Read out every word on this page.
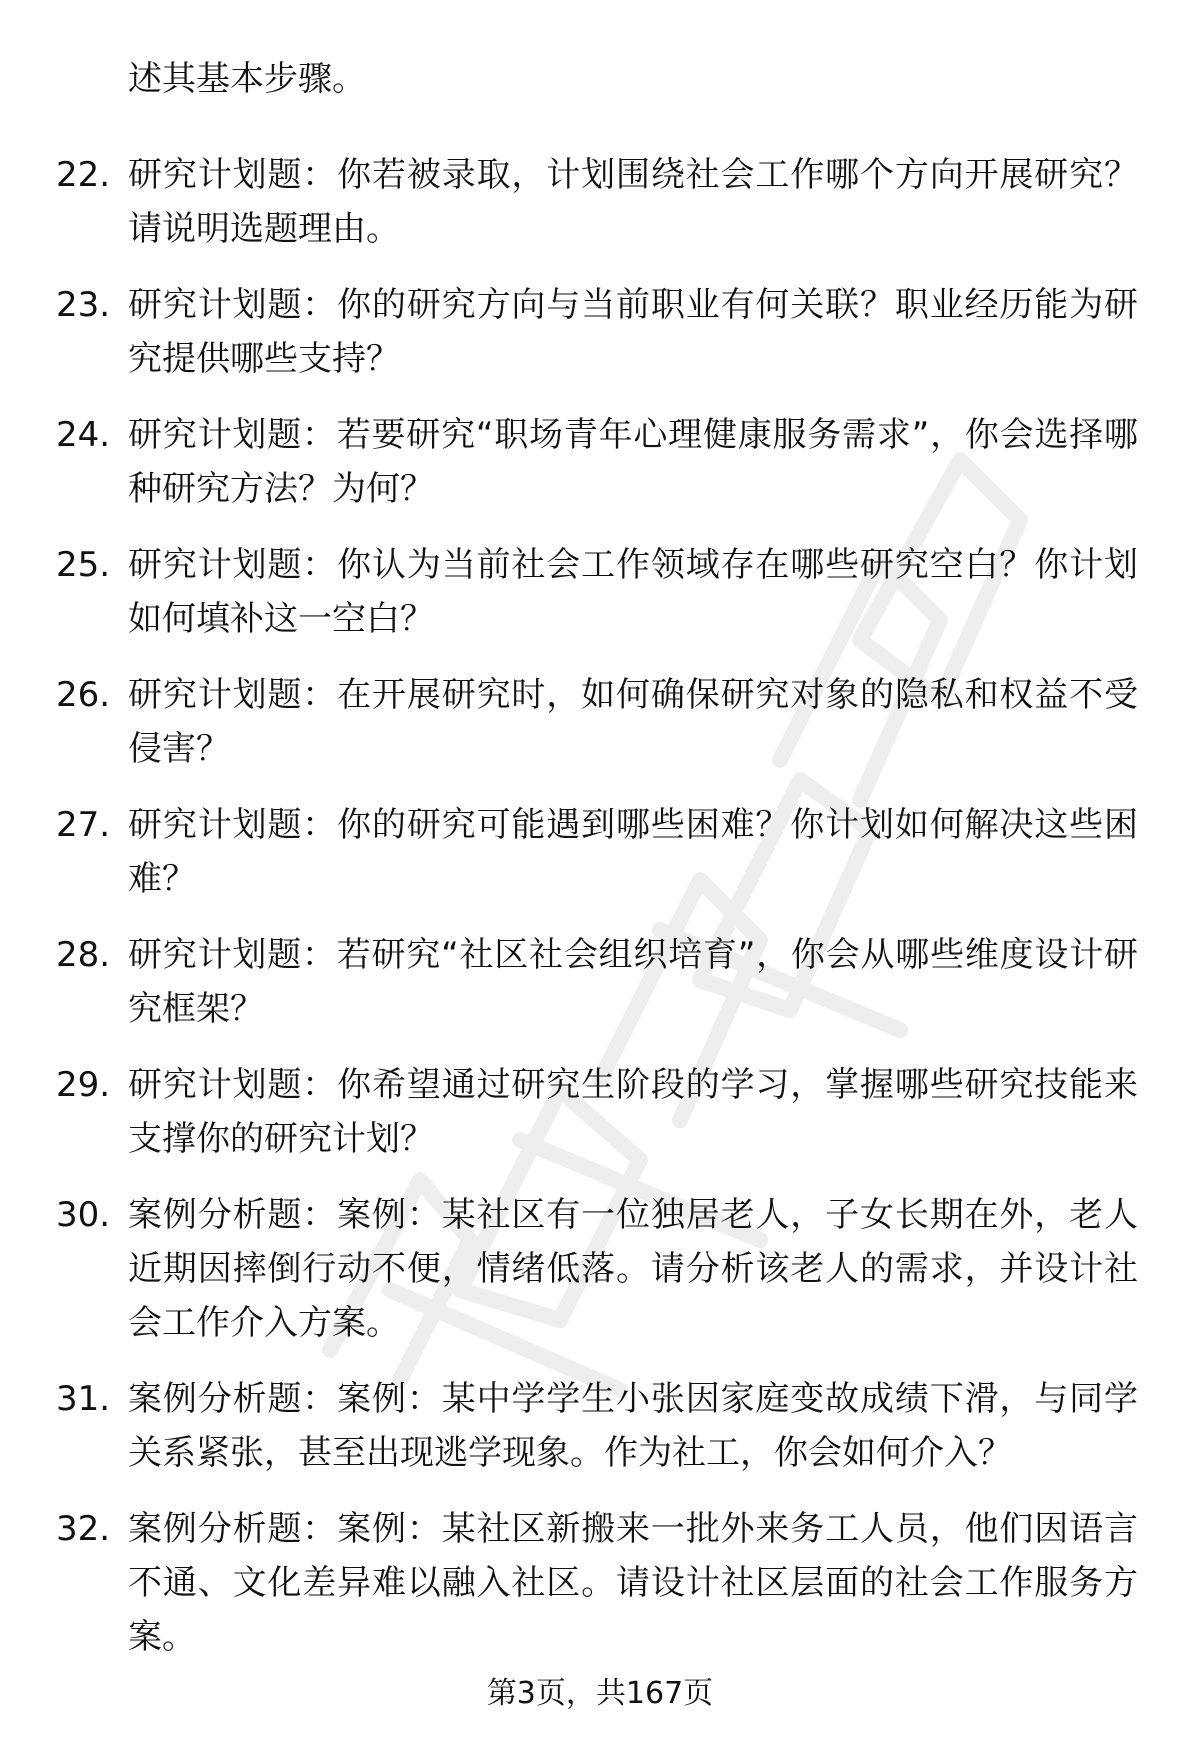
述其基本步骤。
22. 研究计划题：你若被录取，计划围绕社会工作哪个方向开展研究？请说明选题理由。
23. 研究计划题：你的研究方向与当前职业有何关联？职业经历能为研究提供哪些支持？
24. 研究计划题：若要研究“职场青年心理健康服务需求”，你会选择哪种研究方法？为何？
25. 研究计划题：你认为当前社会工作领域存在哪些研究空白？你计划如何填补这一空白？
26. 研究计划题：在开展研究时，如何确保研究对象的隐私和权益不受侵害？
27. 研究计划题：你的研究可能遇到哪些困难？你计划如何解决这些困难？
28. 研究计划题：若研究“社区社会组织培育”，你会从哪些维度设计研究框架？
29. 研究计划题：你希望通过研究生阶段的学习，掌握哪些研究技能来支撑你的研究计划？
30. 案例分析题：案例：某社区有一位独居老人，子女长期在外，老人近期因摔倒行动不便，情绪低落。请分析该老人的需求，并设计社会工作介入方案。
31. 案例分析题：案例：某中学学生小张因家庭变故成绩下滑，与同学关系紧张，甚至出现逃学现象。作为社工，你会如何介入？
32. 案例分析题：案例：某社区新搬来一批外来务工人员，他们因语言不通、文化差异难以融入社区。请设计社区层面的社会工作服务方案。
第3页，共167页
